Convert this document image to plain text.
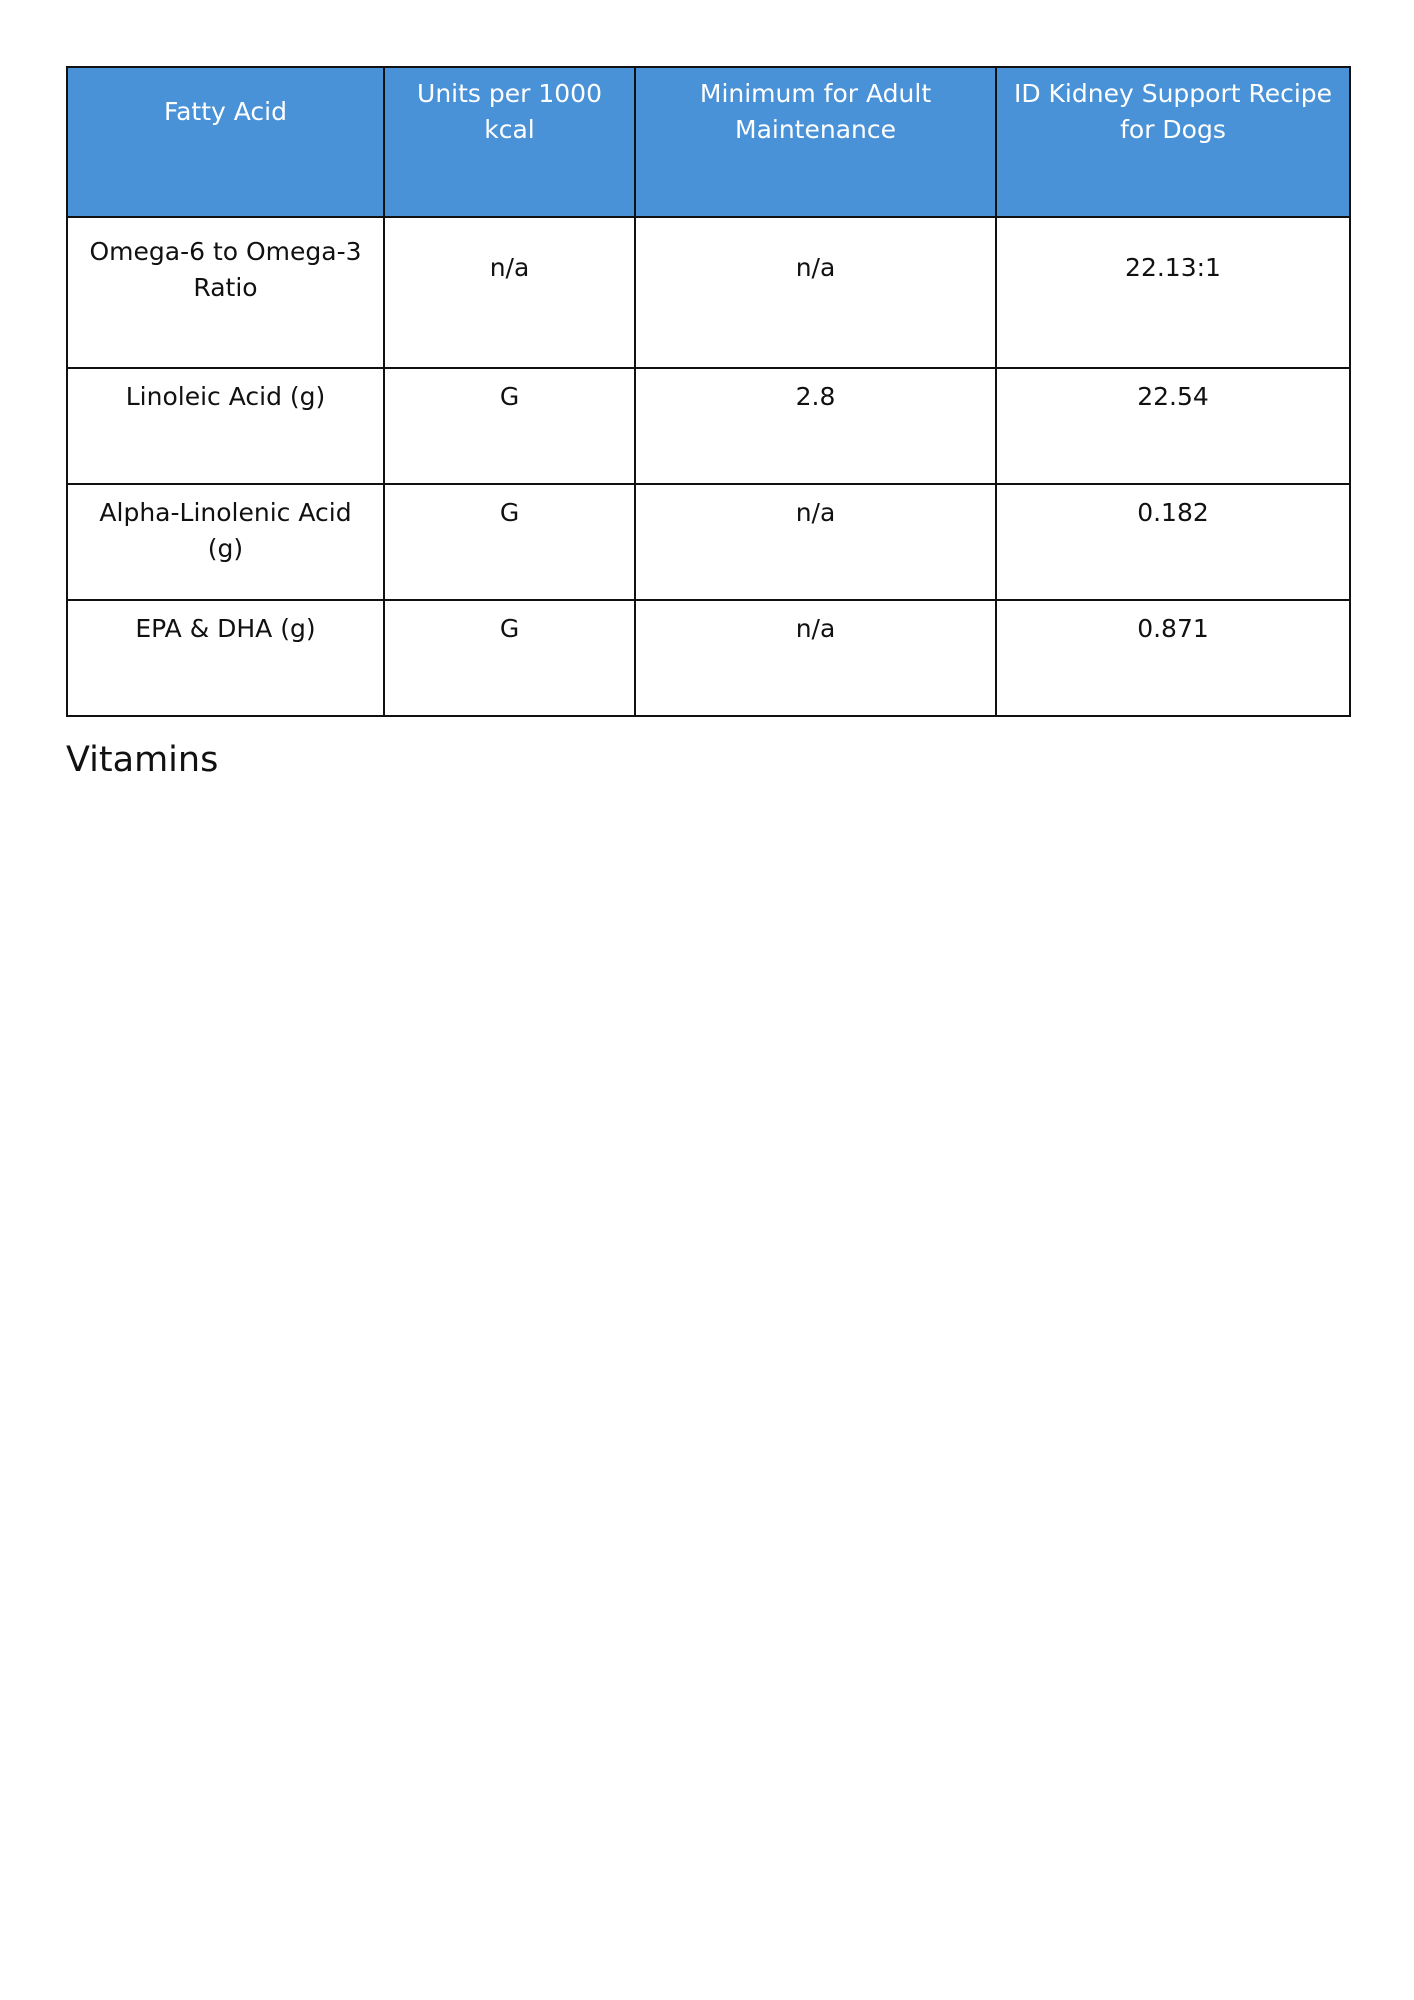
Fatty Acid	Units per 1000 kcal	Minimum for Adult Maintenance	ID Kidney Support Recipe for Dogs
Omega-6 to Omega-3 Ratio	n/a	n/a	22.13:1
Linoleic Acid (g)	G	2.8	22.54
Alpha-Linolenic Acid (g)	G	n/a	0.182
EPA & DHA (g)	G	n/a	0.871
Vitamins
